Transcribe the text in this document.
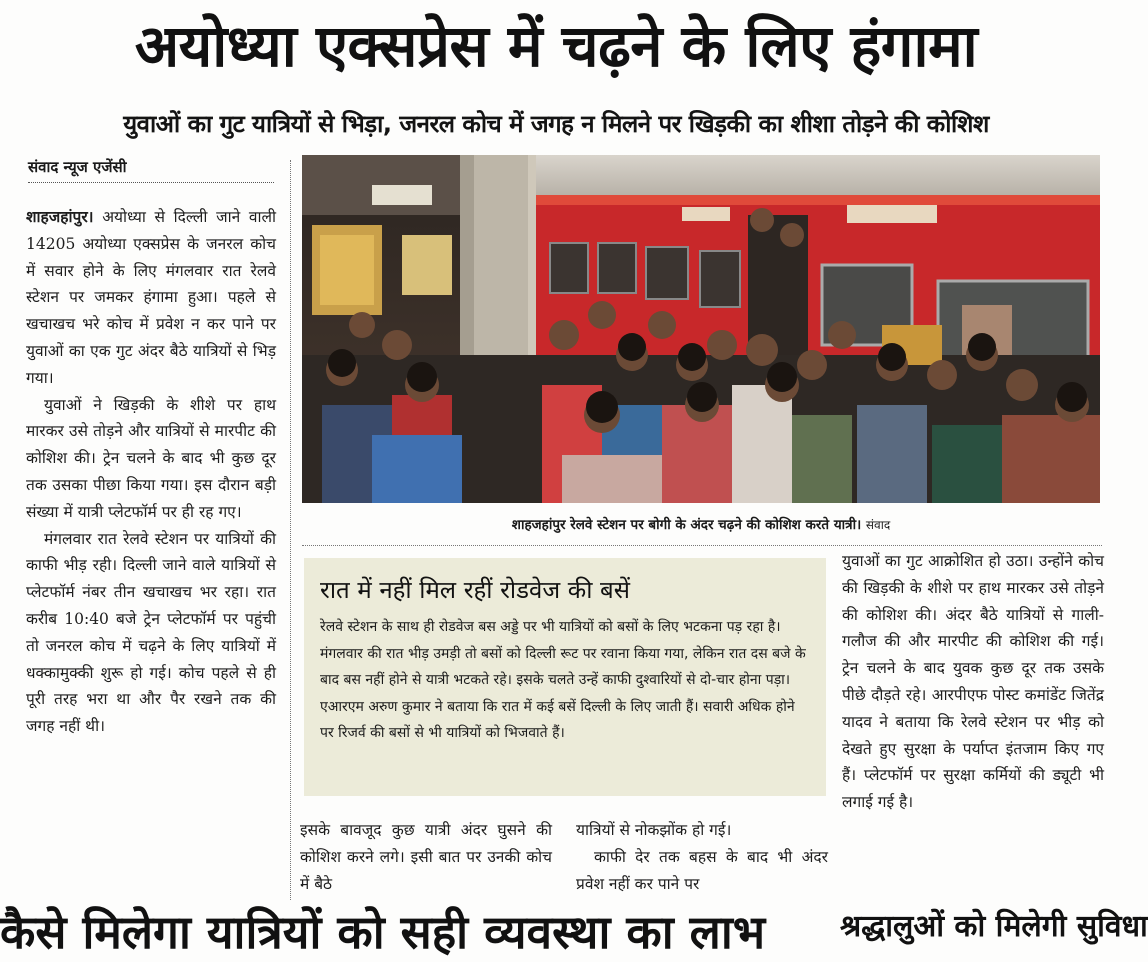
अयोध्या एक्सप्रेस में चढ़ने के लिए हंगामा
युवाओं का गुट यात्रियों से भिड़ा, जनरल कोच में जगह न मिलने पर खिड़की का शीशा तोड़ने की कोशिश
संवाद न्यूज एजेंसी

शाहजहांपुर। अयोध्या से दिल्ली जाने वाली 14205 अयोध्या एक्सप्रेस के जनरल कोच में सवार होने के लिए मंगलवार रात रेलवे स्टेशन पर जमकर हंगामा हुआ। पहले से खचाखच भरे कोच में प्रवेश न कर पाने पर युवाओं का एक गुट अंदर बैठे यात्रियों से भिड़ गया।

युवाओं ने खिड़की के शीशे पर हाथ मारकर उसे तोड़ने और यात्रियों से मारपीट की कोशिश की। ट्रेन चलने के बाद भी कुछ दूर तक उसका पीछा किया गया। इस दौरान बड़ी संख्या में यात्री प्लेटफॉर्म पर ही रह गए।

मंगलवार रात रेलवे स्टेशन पर यात्रियों की काफी भीड़ रही। दिल्ली जाने वाले यात्रियों से प्लेटफॉर्म नंबर तीन खचाखच भर रहा। रात करीब 10:40 बजे ट्रेन प्लेटफॉर्म पर पहुंची तो जनरल कोच में चढ़ने के लिए यात्रियों में धक्कामुक्की शुरू हो गई। कोच पहले से ही पूरी तरह भरा था और पैर रखने तक की जगह नहीं थी।

शाहजहांपुर रेलवे स्टेशन पर बोगी के अंदर चढ़ने की कोशिश करते यात्री। संवाद
रात में नहीं मिल रहीं रोडवेज की बसें
रेलवे स्टेशन के साथ ही रोडवेज बस अड्डे पर भी यात्रियों को बसों के लिए भटकना पड़ रहा है। मंगलवार की रात भीड़ उमड़ी तो बसों को दिल्ली रूट पर रवाना किया गया, लेकिन रात दस बजे के बाद बस नहीं होने से यात्री भटकते रहे। इसके चलते उन्हें काफी दुश्वारियों से दो-चार होना पड़ा। एआरएम अरुण कुमार ने बताया कि रात में कई बसें दिल्ली के लिए जाती हैं। सवारी अधिक होने पर रिजर्व की बसों से भी यात्रियों को भिजवाते हैं।

इसके बावजूद कुछ यात्री अंदर घुसने की कोशिश करने लगे। इसी बात पर उनकी कोच में बैठे

यात्रियों से नोकझोंक हो गई।

काफी देर तक बहस के बाद भी अंदर प्रवेश नहीं कर पाने पर

युवाओं का गुट आक्रोशित हो उठा। उन्होंने कोच की खिड़की के शीशे पर हाथ मारकर उसे तोड़ने की कोशिश की। अंदर बैठे यात्रियों से गाली-गलौज की और मारपीट की कोशिश की गई। ट्रेन चलने के बाद युवक कुछ दूर तक उसके पीछे दौड़ते रहे। आरपीएफ पोस्ट कमांडेंट जितेंद्र यादव ने बताया कि रेलवे स्टेशन पर भीड़ को देखते हुए सुरक्षा के पर्याप्त इंतजाम किए गए हैं। प्लेटफॉर्म पर सुरक्षा कर्मियों की ड्यूटी भी लगाई गई है।

कैसे मिलेगा यात्रियों को सही व्यवस्था का लाभ श्रद्धालुओं को मिलेगी सुविधा
